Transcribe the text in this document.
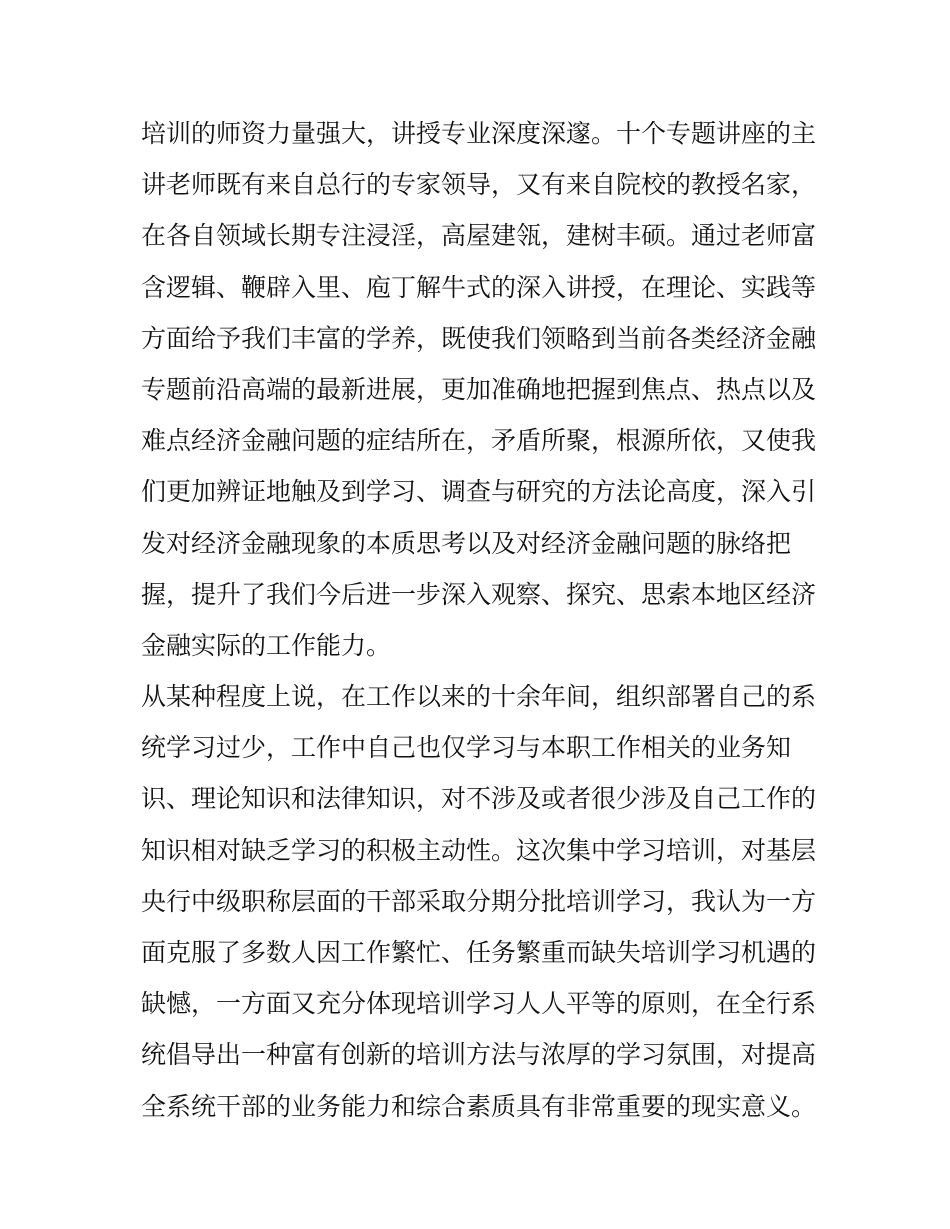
培训的师资力量强大，讲授专业深度深邃。十个专题讲座的主
讲老师既有来自总行的专家领导，又有来自院校的教授名家，
在各自领域长期专注浸淫，高屋建瓴，建树丰硕。通过老师富
含逻辑、鞭辟入里、庖丁解牛式的深入讲授，在理论、实践等
方面给予我们丰富的学养，既使我们领略到当前各类经济金融
专题前沿高端的最新进展，更加准确地把握到焦点、热点以及
难点经济金融问题的症结所在，矛盾所聚，根源所依，又使我
们更加辨证地触及到学习、调查与研究的方法论高度，深入引
发对经济金融现象的本质思考以及对经济金融问题的脉络把
握，提升了我们今后进一步深入观察、探究、思索本地区经济
金融实际的工作能力。
从某种程度上说，在工作以来的十余年间，组织部署自己的系
统学习过少，工作中自己也仅学习与本职工作相关的业务知
识、理论知识和法律知识，对不涉及或者很少涉及自己工作的
知识相对缺乏学习的积极主动性。这次集中学习培训，对基层
央行中级职称层面的干部采取分期分批培训学习，我认为一方
面克服了多数人因工作繁忙、任务繁重而缺失培训学习机遇的
缺憾，一方面又充分体现培训学习人人平等的原则，在全行系
统倡导出一种富有创新的培训方法与浓厚的学习氛围，对提高
全系统干部的业务能力和综合素质具有非常重要的现实意义。
